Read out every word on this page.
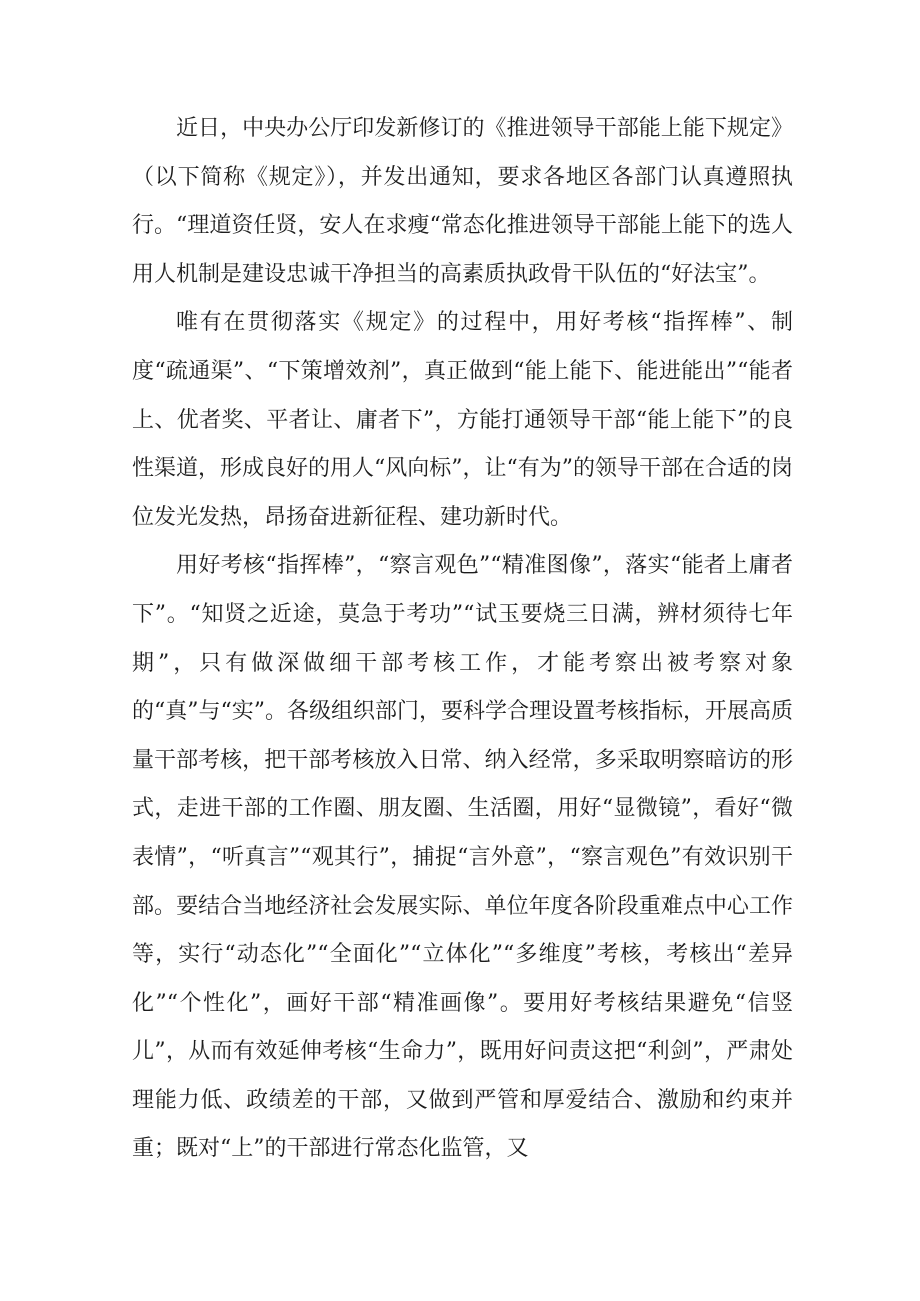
近日，中央办公厅印发新修订的《推进领导干部能上能下规定》（以下简称《规定》），并发出通知，要求各地区各部门认真遵照执行。“理道资任贤，安人在求瘦“常态化推进领导干部能上能下的选人用人机制是建设忠诚干净担当的高素质执政骨干队伍的“好法宝”。

唯有在贯彻落实《规定》的过程中，用好考核“指挥棒”、制度“疏通渠”、“下策增效剂”，真正做到“能上能下、能进能出”“能者上、优者奖、平者让、庸者下”，方能打通领导干部“能上能下”的良性渠道，形成良好的用人“风向标”，让“有为”的领导干部在合适的岗位发光发热，昂扬奋进新征程、建功新时代。

用好考核“指挥棒”，“察言观色”“精准图像”，落实“能者上庸者下”。“知贤之近途，莫急于考功”“试玉要烧三日满，辨材须待七年期”，只有做深做细干部考核工作，才能考察出被考察对象的“真”与“实”。各级组织部门，要科学合理设置考核指标，开展高质量干部考核，把干部考核放入日常、纳入经常，多采取明察暗访的形式，走进干部的工作圈、朋友圈、生活圈，用好“显微镜”，看好“微表情”，“听真言”“观其行”，捕捉“言外意”，“察言观色”有效识别干部。要结合当地经济社会发展实际、单位年度各阶段重难点中心工作等，实行“动态化”“全面化”“立体化”“多维度”考核，考核出“差异化”“个性化”，画好干部“精准画像”。要用好考核结果避免“信竖儿”，从而有效延伸考核“生命力”，既用好问责这把“利剑”，严肃处理能力低、政绩差的干部，又做到严管和厚爱结合、激励和约束并重；既对“上”的干部进行常态化监管，又
